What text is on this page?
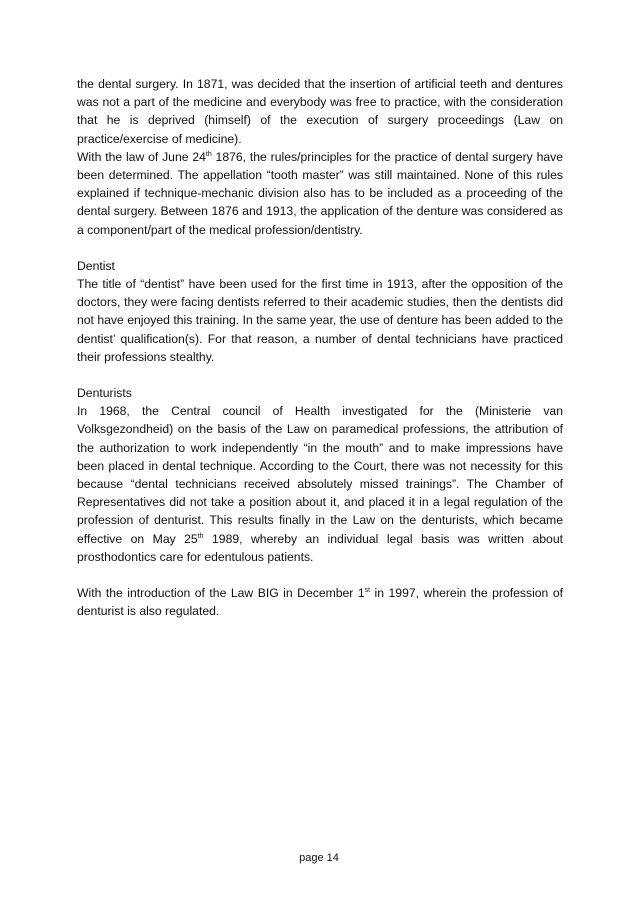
the dental surgery. In 1871, was decided that the insertion of artificial teeth and dentures was not a part of the medicine and everybody was free to practice, with the consideration that he is deprived (himself) of the execution of surgery proceedings (Law on practice/exercise of medicine).

With the law of June 24th 1876, the rules/principles for the practice of dental surgery have been determined. The appellation “tooth master” was still maintained. None of this rules explained if technique-mechanic division also has to be included as a proceeding of the dental surgery. Between 1876 and 1913, the application of the denture was considered as a component/part of the medical profession/dentistry.

Dentist

The title of “dentist” have been used for the first time in 1913, after the opposition of the doctors, they were facing dentists referred to their academic studies, then the dentists did not have enjoyed this training. In the same year, the use of denture has been added to the dentist’ qualification(s). For that reason, a number of dental technicians have practiced their professions stealthy.

Denturists

In 1968, the Central council of Health investigated for the (Ministerie van Volksgezondheid) on the basis of the Law on paramedical professions, the attribution of the authorization to work independently “in the mouth” and to make impressions have been placed in dental technique. According to the Court, there was not necessity for this because “dental technicians received absolutely missed trainings”. The Chamber of Representatives did not take a position about it, and placed it in a legal regulation of the profession of denturist. This results finally in the Law on the denturists, which became effective on May 25th 1989, whereby an individual legal basis was written about prosthodontics care for edentulous patients.

With the introduction of the Law BIG in December 1st in 1997, wherein the profession of denturist is also regulated.

page 14
